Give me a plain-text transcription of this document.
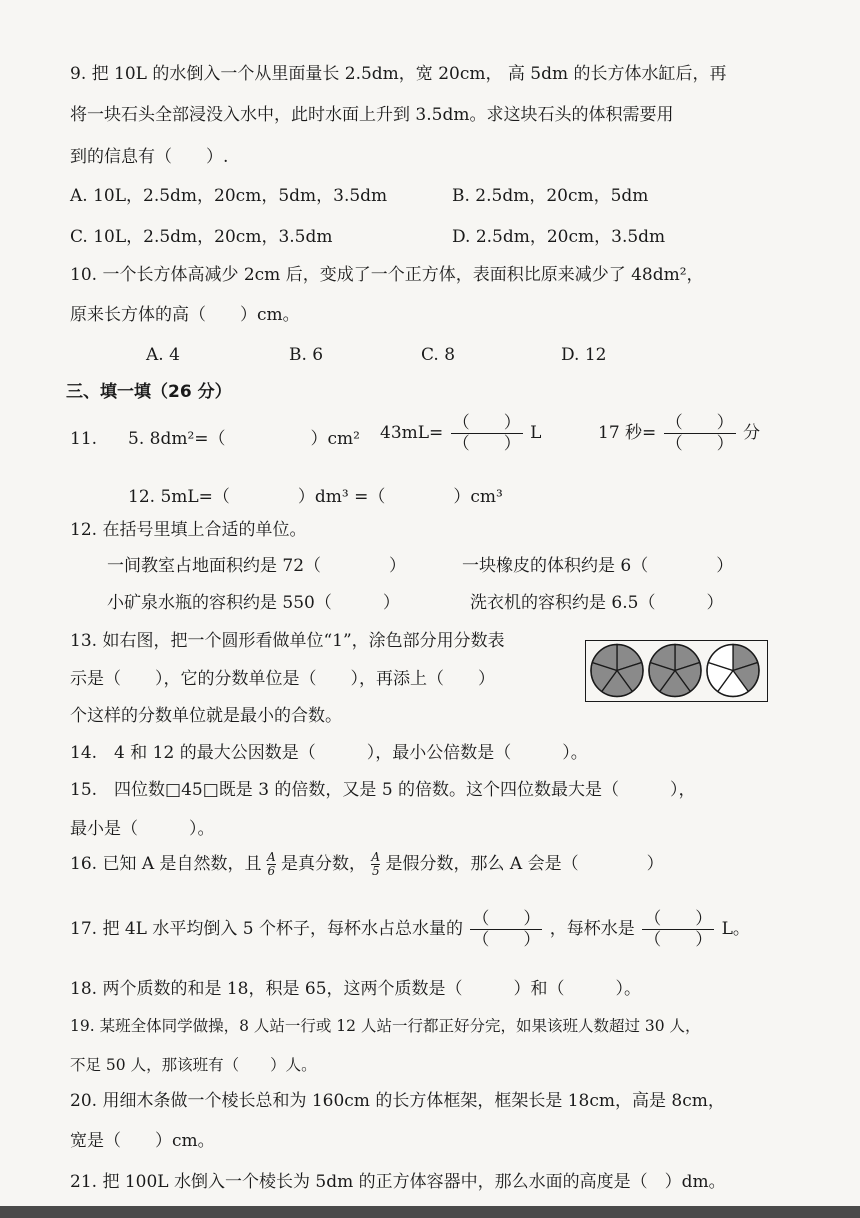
9. 把 10L 的水倒入一个从里面量长 2.5dm，宽 20cm， 高 5dm 的长方体水缸后，再
将一块石头全部浸没入水中，此时水面上升到 3.5dm。求这块石头的体积需要用
到的信息有（　　）.
A. 10L，2.5dm，20cm，5dm，3.5dm	B. 2.5dm，20cm，5dm
C. 10L，2.5dm，20cm，3.5dm	D. 2.5dm，20cm，3.5dm
10. 一个长方体高减少 2cm 后，变成了一个正方体，表面积比原来减少了 48dm²，
原来长方体的高（　　）cm。
A. 4	B. 6	C. 8	D. 12
三、填一填（26 分）
11. 5. 8dm²=（　　　　　）cm² $43mL= \frac{( )}{( )}$ L	17 秒= $\frac{( )}{( )}$ 分
12. 5mL=（　　　　）dm³ =（　　　　）cm³
12. 在括号里填上合适的单位。
一间教室占地面积约是 72（　　　　）	一块橡皮的体积约是 6（　　　　）
小矿泉水瓶的容积约是 550（　　　）	洗衣机的容积约是 6.5（　　　）
13. 如右图，把一个圆形看做单位“1”，涂色部分用分数表
示是（　　），它的分数单位是（　　），再添上（　　）
个这样的分数单位就是最小的合数。
14.　4 和 12 的最大公因数是（　　　），最小公倍数是（　　　）。
15.　四位数□45□既是 3 的倍数，又是 5 的倍数。这个四位数最大是（　　　），
最小是（　　　）。
16. 已知 A 是自然数，且 $\frac{A}{6}$ 是真分数， $\frac{A}{5}$ 是假分数，那么 A 会是（　　　　）
17. 把 4L 水平均倒入 5 个杯子，每杯水占总水量的 $\frac{( )}{( )}$ ，每杯水是 $\frac{( )}{( )}$ L。
18. 两个质数的和是 18，积是 65，这两个质数是（　　　）和（　　　）。
19. 某班全体同学做操，8 人站一行或 12 人站一行都正好分完，如果该班人数超过 30 人，
不足 50 人，那该班有（　　）人。
20. 用细木条做一个棱长总和为 160cm 的长方体框架，框架长是 18cm，高是 8cm，
宽是（　　）cm。
21. 把 100L 水倒入一个棱长为 5dm 的正方体容器中，那么水面的高度是（　）dm。
